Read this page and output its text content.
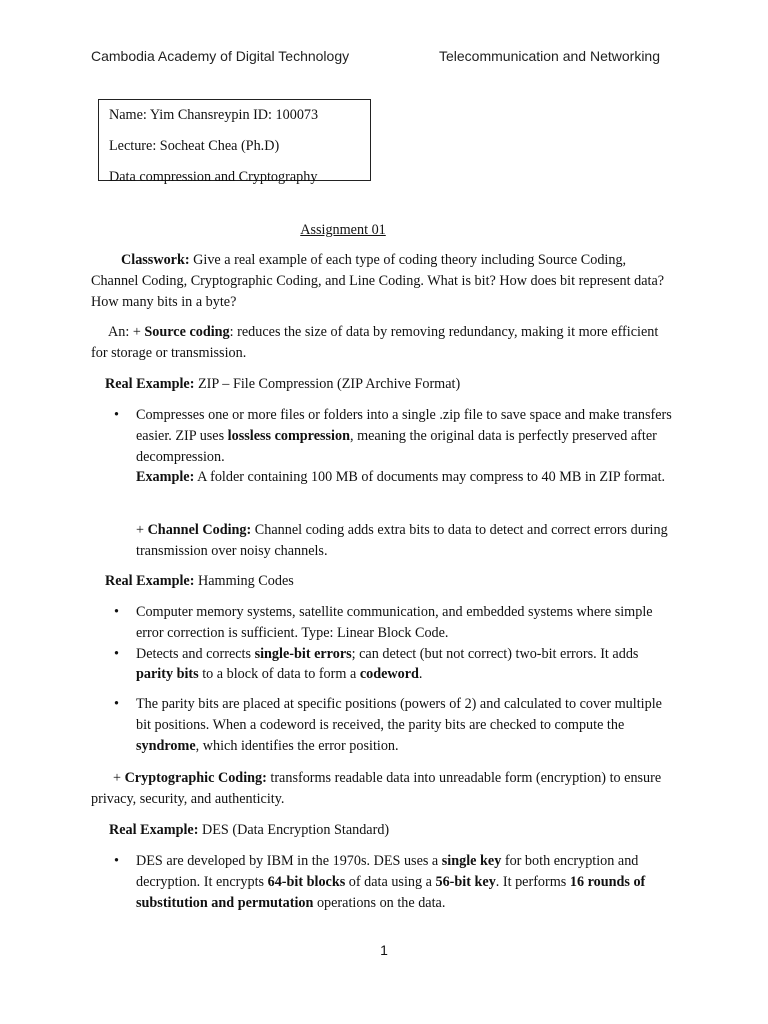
Cambodia Academy of Digital Technology	Telecommunication and Networking
Name: Yim Chansreypin ID: 100073
Lecture: Socheat Chea (Ph.D)
Data compression and Cryptography
Assignment 01
Classwork: Give a real example of each type of coding theory including Source Coding, Channel Coding, Cryptographic Coding, and Line Coding. What is bit? How does bit represent data? How many bits in a byte?
An: + Source coding: reduces the size of data by removing redundancy, making it more efficient for storage or transmission.
Real Example: ZIP – File Compression (ZIP Archive Format)
• Compresses one or more files or folders into a single .zip file to save space and make transfers easier. ZIP uses lossless compression, meaning the original data is perfectly preserved after decompression.
Example: A folder containing 100 MB of documents may compress to 40 MB in ZIP format.
+ Channel Coding: Channel coding adds extra bits to data to detect and correct errors during transmission over noisy channels.
Real Example: Hamming Codes
• Computer memory systems, satellite communication, and embedded systems where simple error correction is sufficient. Type: Linear Block Code.
• Detects and corrects single-bit errors; can detect (but not correct) two-bit errors. It adds parity bits to a block of data to form a codeword.
• The parity bits are placed at specific positions (powers of 2) and calculated to cover multiple bit positions. When a codeword is received, the parity bits are checked to compute the syndrome, which identifies the error position.
+ Cryptographic Coding: transforms readable data into unreadable form (encryption) to ensure privacy, security, and authenticity.
Real Example: DES (Data Encryption Standard)
• DES are developed by IBM in the 1970s. DES uses a single key for both encryption and decryption. It encrypts 64-bit blocks of data using a 56-bit key. It performs 16 rounds of substitution and permutation operations on the data.
1
